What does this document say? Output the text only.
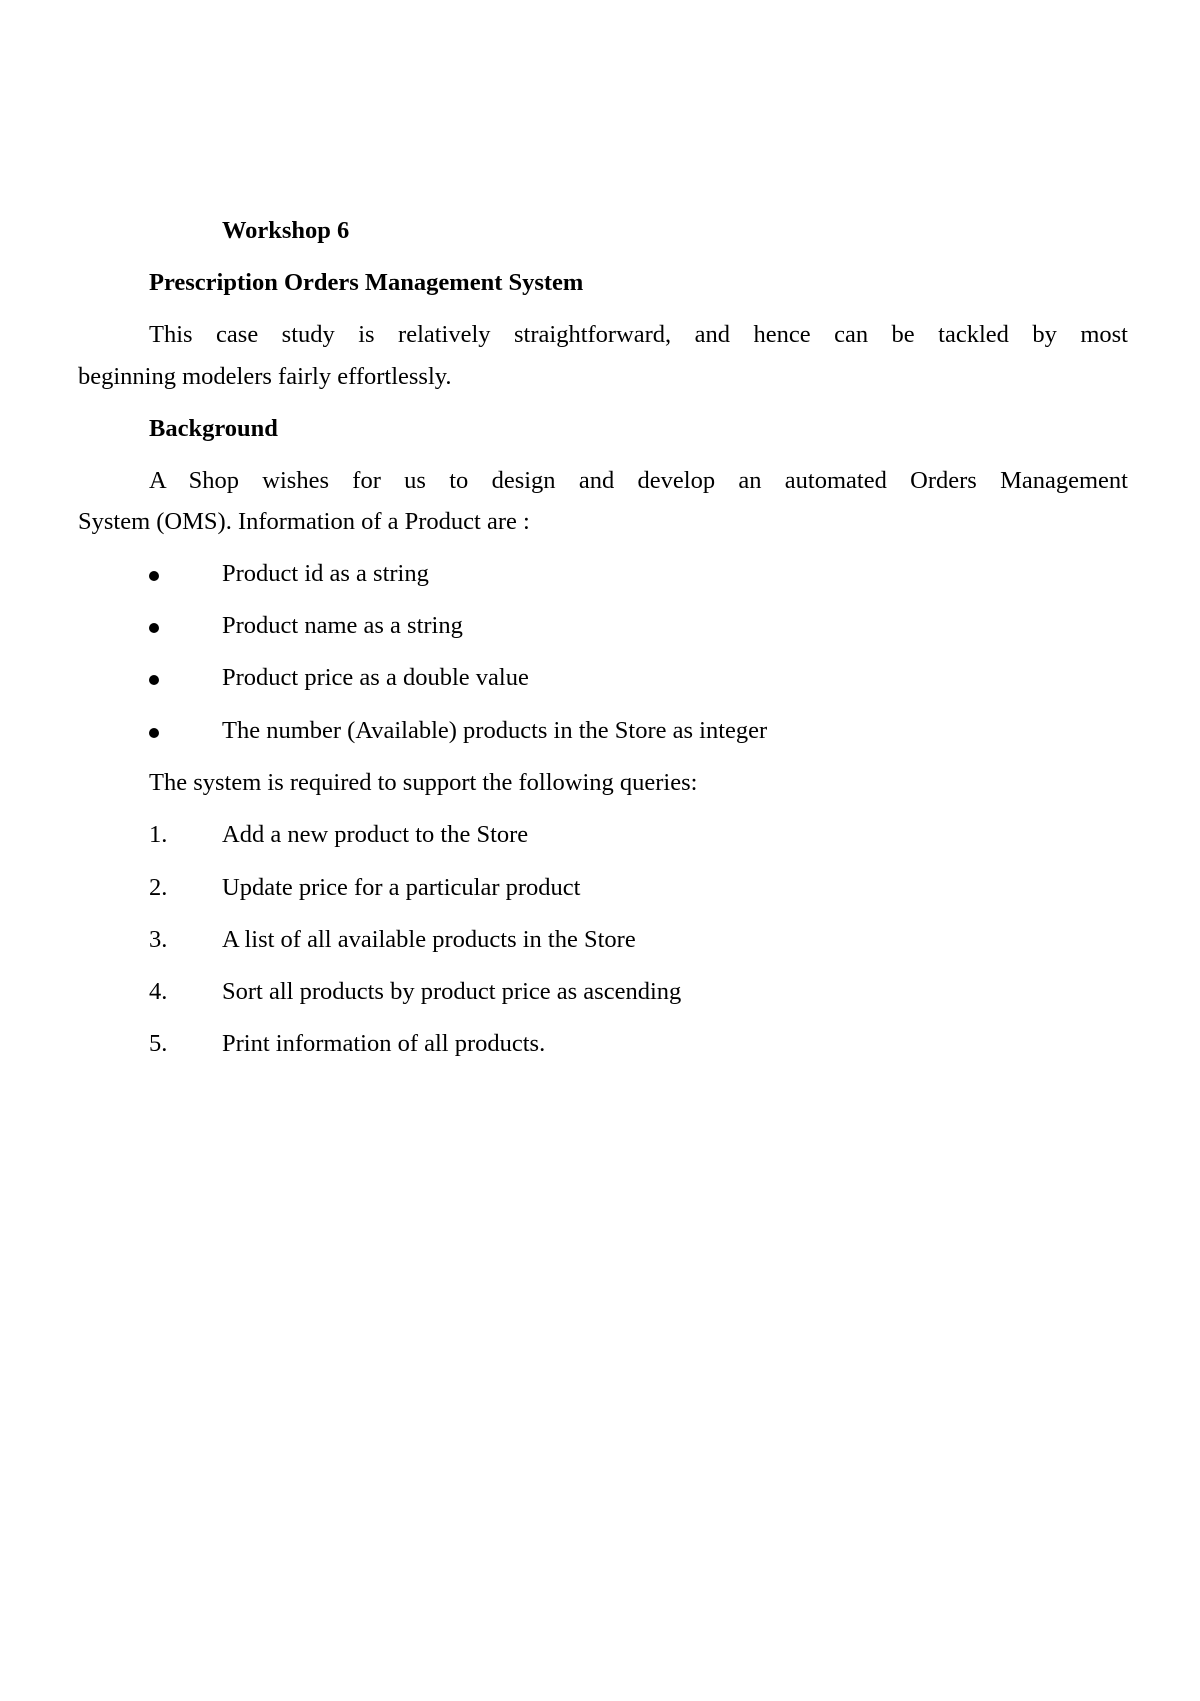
Workshop 6
Prescription Orders Management System
This case study is relatively straightforward, and hence can be tackled by most
beginning modelers fairly effortlessly.
Background
A Shop wishes for us to design and develop an automated Orders Management
System (OMS). Information of a Product are :
Product id as a string
Product name as a string
Product price as a double value
The number (Available) products in the Store as integer
The system is required to support the following queries:
1. Add a new product to the Store
2. Update price for a particular product
3. A list of all available products in the Store
4. Sort all products by product price as ascending
5. Print information of all products.
